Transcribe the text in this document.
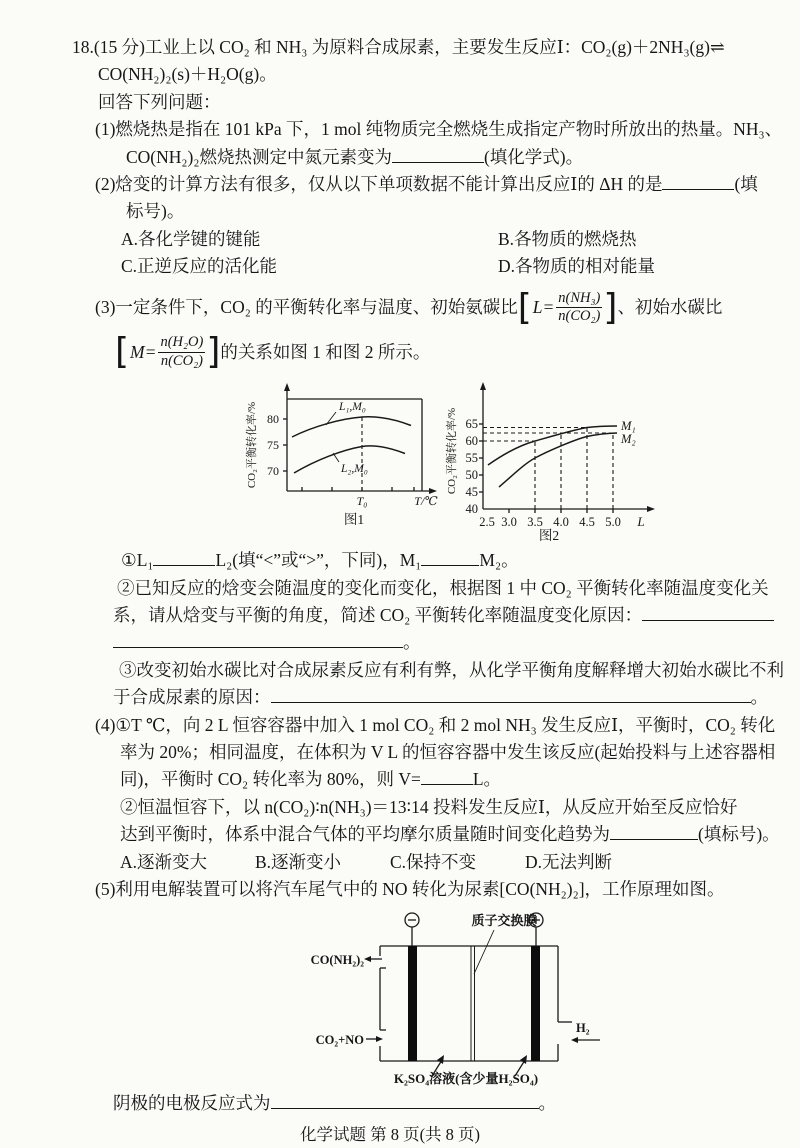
18.(15 分)工业上以 CO₂ 和 NH₃ 为原料合成尿素，主要发生反应Ⅰ：CO₂(g)＋2NH₃(g)⇌

CO(NH₂)₂(s)＋H₂O(g)。

回答下列问题：

(1)燃烧热是指在 101 kPa 下，1 mol 纯物质完全燃烧生成指定产物时所放出的热量。NH₃、

CO(NH₂)₂燃烧热测定中氮元素变为	(填化学式)。

(2)焓变的计算方法有很多，仅从以下单项数据不能计算出反应Ⅰ的 ΔH 的是	(填

标号)。

A.各化学键的键能	B.各物质的燃烧热

C.正逆反应的活化能	D.各物质的相对能量

(3)一定条件下，CO₂ 的平衡转化率与温度、初始氨碳比 [ $L= \frac{\text{n(NH₃)}}{\text{n(CO₂)}}$ ] 、初始水碳比

[ $M= \frac{\text{n(H₂O)}}{\text{n(CO₂)}}$ ] 的关系如图 1 和图 2 所示。

CO₂平衡转化率/% 80
75
70
L₁,M₀
L₂,M₀
T₀	T/℃
图1
CO₂平衡转化率/% 65
60
55
50
45
40
2.5 3.0 3.5 4.0 4.5 5.0 L
M₁
M₂
图2

①L₁	L₂(填“<”或“>”，下同)，M₁	M₂。

②已知反应的焓变会随温度的变化而变化，根据图 1 中 CO₂ 平衡转化率随温度变化关

系，请从焓变与平衡的角度，简述 CO₂ 平衡转化率随温度变化原因：

。

③改变初始水碳比对合成尿素反应有利有弊，从化学平衡角度解释增大初始水碳比不利

于合成尿素的原因：	。

(4)①T ℃，向 2 L 恒容容器中加入 1 mol CO₂ 和 2 mol NH₃ 发生反应Ⅰ，平衡时，CO₂ 转化

率为 20%；相同温度，在体积为 V L 的恒容容器中发生该反应(起始投料与上述容器相

同)，平衡时 CO₂ 转化率为 80%，则 V=	L。

②恒温恒容下，以 n(CO₂)∶n(NH₃)＝13∶14 投料发生反应Ⅰ，从反应开始至反应恰好

达到平衡时，体系中混合气体的平均摩尔质量随时间变化趋势为	(填标号)。

A.逐渐变大	B.逐渐变小	C.保持不变	D.无法判断

(5)利用电解装置可以将汽车尾气中的 NO 转化为尿素[CO(NH₂)₂]，工作原理如图。

质子交换膜
CO(NH₂)₂
CO₂+NO
H₂
K₂SO₄溶液(含少量H₂SO₄)

阴极的电极反应式为	。

化学试题 第 8 页(共 8 页)
